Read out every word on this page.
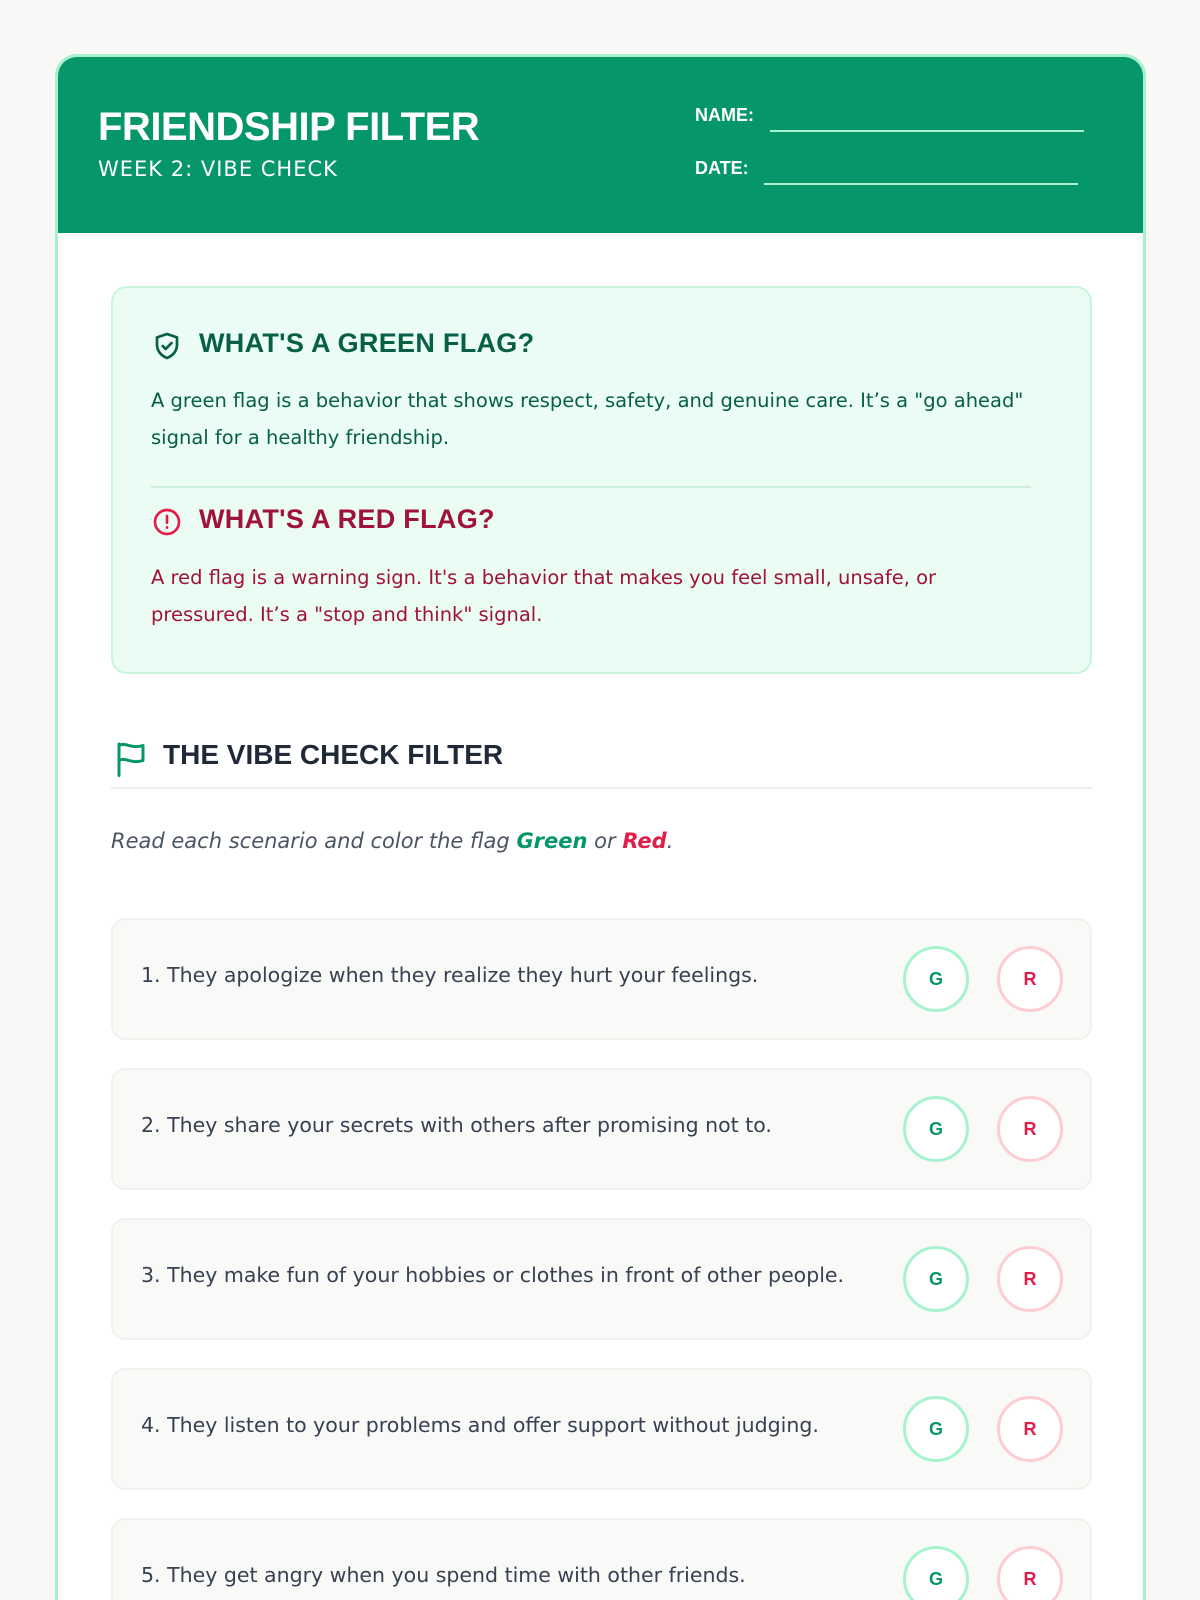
FRIENDSHIP FILTER
WEEK 2: VIBE CHECK
NAME:
DATE:
WHAT'S A GREEN FLAG?
A green flag is a behavior that shows respect, safety, and genuine care. It’s a "go ahead" signal for a healthy friendship.
WHAT'S A RED FLAG?
A red flag is a warning sign. It's a behavior that makes you feel small, unsafe, or pressured. It’s a "stop and think" signal.
THE VIBE CHECK FILTER
Read each scenario and color the flag Green or Red.
1. They apologize when they realize they hurt your feelings.	G	R
2. They share your secrets with others after promising not to.	G	R
3. They make fun of your hobbies or clothes in front of other people.	G	R
4. They listen to your problems and offer support without judging.	G	R
5. They get angry when you spend time with other friends.	G	R
